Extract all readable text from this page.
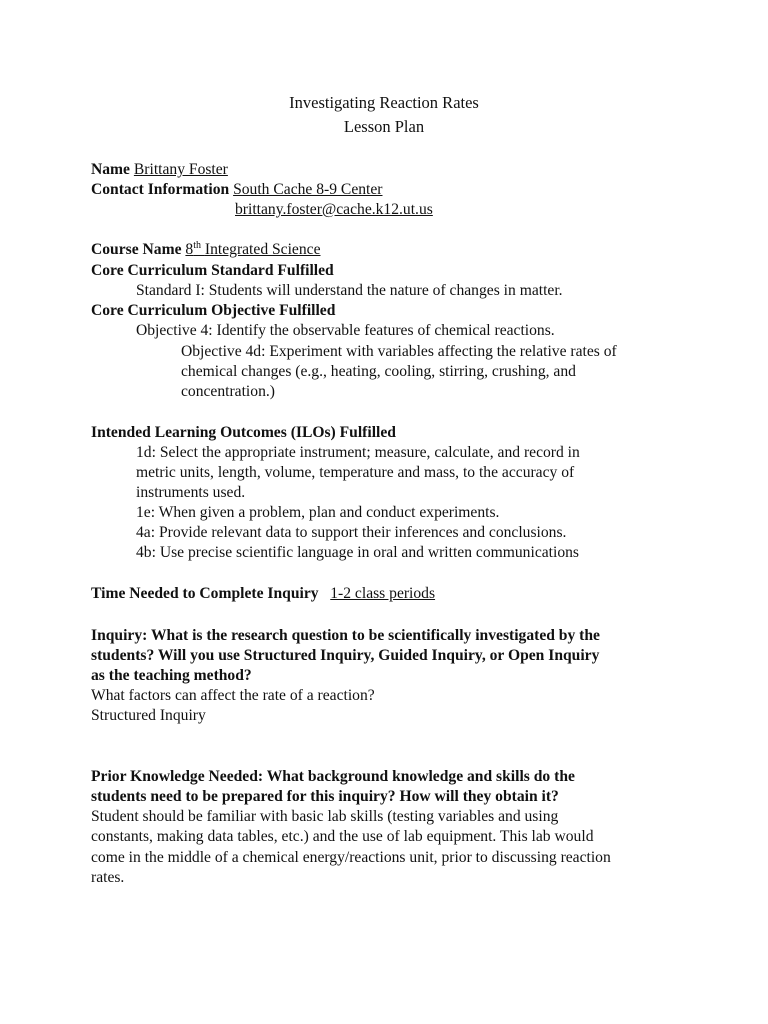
Investigating Reaction Rates
Lesson Plan
Name Brittany Foster
Contact Information South Cache 8-9 Center
brittany.foster@cache.k12.ut.us
Course Name 8th Integrated Science
Core Curriculum Standard Fulfilled
Standard I: Students will understand the nature of changes in matter.
Core Curriculum Objective Fulfilled
Objective 4: Identify the observable features of chemical reactions.
Objective 4d: Experiment with variables affecting the relative rates of
chemical changes (e.g., heating, cooling, stirring, crushing, and
concentration.)
Intended Learning Outcomes (ILOs) Fulfilled
1d: Select the appropriate instrument; measure, calculate, and record in
metric units, length, volume, temperature and mass, to the accuracy of
instruments used.
1e: When given a problem, plan and conduct experiments.
4a: Provide relevant data to support their inferences and conclusions.
4b: Use precise scientific language in oral and written communications
Time Needed to Complete Inquiry 1-2 class periods
Inquiry: What is the research question to be scientifically investigated by the
students? Will you use Structured Inquiry, Guided Inquiry, or Open Inquiry
as the teaching method?
What factors can affect the rate of a reaction?
Structured Inquiry
Prior Knowledge Needed: What background knowledge and skills do the
students need to be prepared for this inquiry? How will they obtain it?
Student should be familiar with basic lab skills (testing variables and using
constants, making data tables, etc.) and the use of lab equipment. This lab would
come in the middle of a chemical energy/reactions unit, prior to discussing reaction
rates.
